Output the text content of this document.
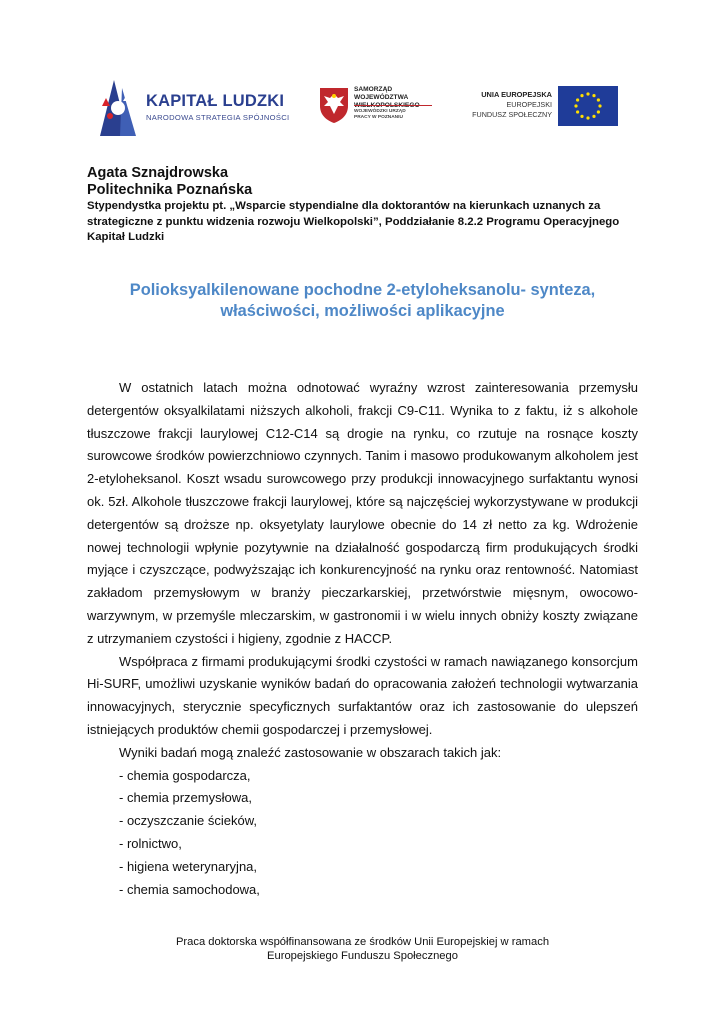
KAPITAŁ LUDZKI
NARODOWA STRATEGIA SPÓJNOŚCI
SAMORZĄD WOJEWÓDZTWA
WOJEWÓDZKI URZĄD PRACY W POZNANIU
UNIA EUROPEJSKA
EUROPEJSKI
FUNDUSZ SPOŁECZNY
Agata Sznajdrowska
Politechnika Poznańska

Stypendystka projektu pt. „Wsparcie stypendialne dla doktorantów na kierunkach uznanych za strategiczne z punktu widzenia rozwoju Wielkopolski”, Poddziałanie 8.2.2 Programu Operacyjnego Kapitał Ludzki

Polioksyalkilenowane pochodne 2-etyloheksanolu- synteza, właściwości, możliwości aplikacyjne

W ostatnich latach można odnotować wyraźny wzrost zainteresowania przemysłu detergentów oksyalkilatami niższych alkoholi, frakcji C9-C11. Wynika to z faktu, iż s alkohole tłuszczowe frakcji laurylowej C12-C14 są drogie na rynku, co rzutuje na rosnące koszty surowcowe środków powierzchniowo czynnych. Tanim i masowo produkowanym alkoholem jest 2-etyloheksanol. Koszt wsadu surowcowego przy produkcji innowacyjnego surfaktantu wynosi ok. 5zł. Alkohole tłuszczowe frakcji laurylowej, które są najczęściej wykorzystywane w produkcji detergentów są droższe np. oksyetylaty laurylowe obecnie do 14 zł netto za kg. Wdrożenie nowej technologii wpłynie pozytywnie na działalność gospodarczą firm produkujących środki myjące i czyszczące, podwyższając ich konkurencyjność na rynku oraz rentowność. Natomiast zakładom przemysłowym w branży pieczarkarskiej, przetwórstwie mięsnym, owocowo- warzywnym, w przemyśle mleczarskim, w gastronomii i w wielu innych obniży koszty związane z utrzymaniem czystości i higieny, zgodnie z HACCP.

Współpraca z firmami produkującymi środki czystości w ramach nawiązanego konsorcjum Hi-SURF, umożliwi uzyskanie wyników badań do opracowania założeń technologii wytwarzania innowacyjnych, sterycznie specyficznych surfaktantów oraz ich zastosowanie do ulepszeń istniejących produktów chemii gospodarczej i przemysłowej.

Wyniki badań mogą znaleźć zastosowanie w obszarach takich jak:

- chemia gospodarcza,
- chemia przemysłowa,
- oczyszczanie ścieków,
- rolnictwo,
- higiena weterynaryjna,
- chemia samochodowa,
Praca doktorska współfinansowana ze środków Unii Europejskiej w ramach
Europejskiego Funduszu Społecznego
